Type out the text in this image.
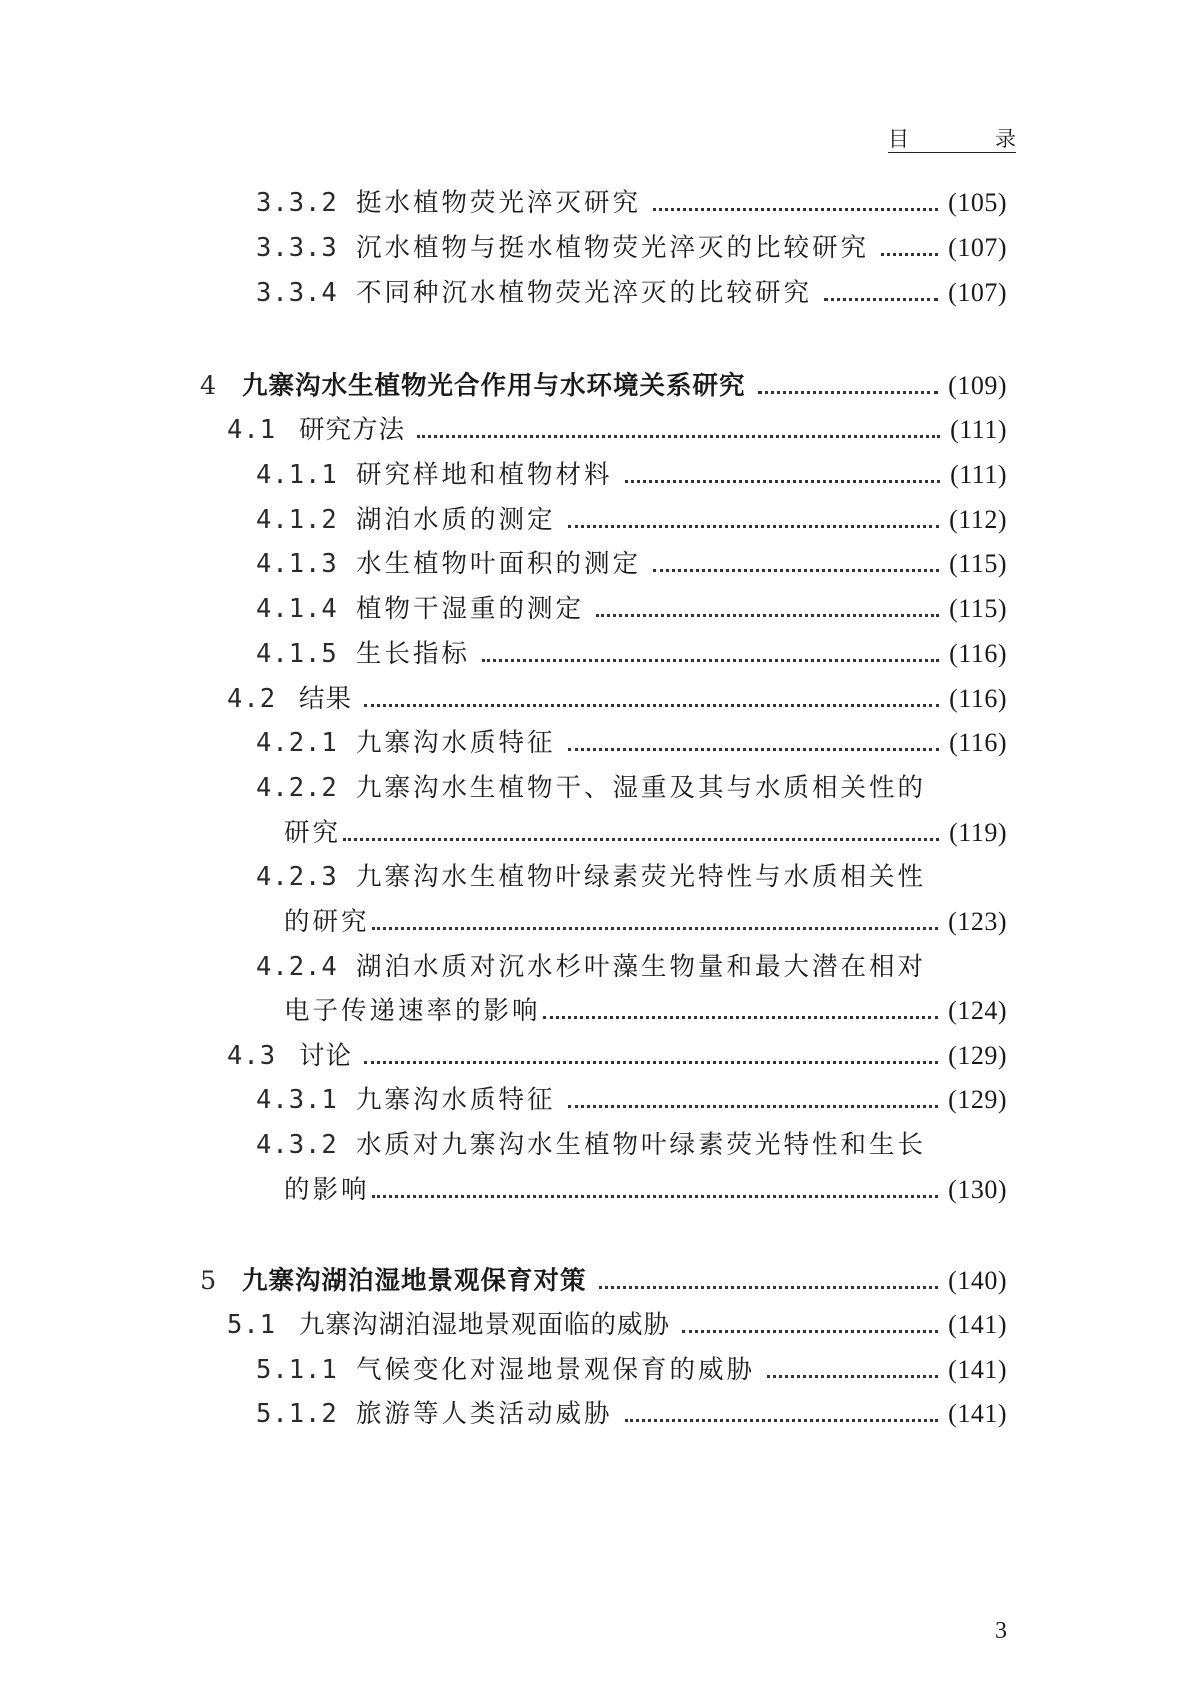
目	录
3.3.2 挺水植物荧光淬灭研究	(105)
3.3.3 沉水植物与挺水植物荧光淬灭的比较研究	(107)
3.3.4 不同种沉水植物荧光淬灭的比较研究	(107)
4 九寨沟水生植物光合作用与水环境关系研究	(109)
4.1 研究方法	(111)
4.1.1 研究样地和植物材料	(111)
4.1.2 湖泊水质的测定	(112)
4.1.3 水生植物叶面积的测定	(115)
4.1.4 植物干湿重的测定	(115)
4.1.5 生长指标	(116)
4.2 结果	(116)
4.2.1 九寨沟水质特征	(116)
4.2.2 九寨沟水生植物干、湿重及其与水质相关性的
研究	(119)
4.2.3 九寨沟水生植物叶绿素荧光特性与水质相关性
的研究	(123)
4.2.4 湖泊水质对沉水杉叶藻生物量和最大潜在相对
电子传递速率的影响	(124)
4.3 讨论	(129)
4.3.1 九寨沟水质特征	(129)
4.3.2 水质对九寨沟水生植物叶绿素荧光特性和生长
的影响	(130)
5 九寨沟湖泊湿地景观保育对策	(140)
5.1 九寨沟湖泊湿地景观面临的威胁	(141)
5.1.1 气候变化对湿地景观保育的威胁	(141)
5.1.2 旅游等人类活动威胁	(141)
3
